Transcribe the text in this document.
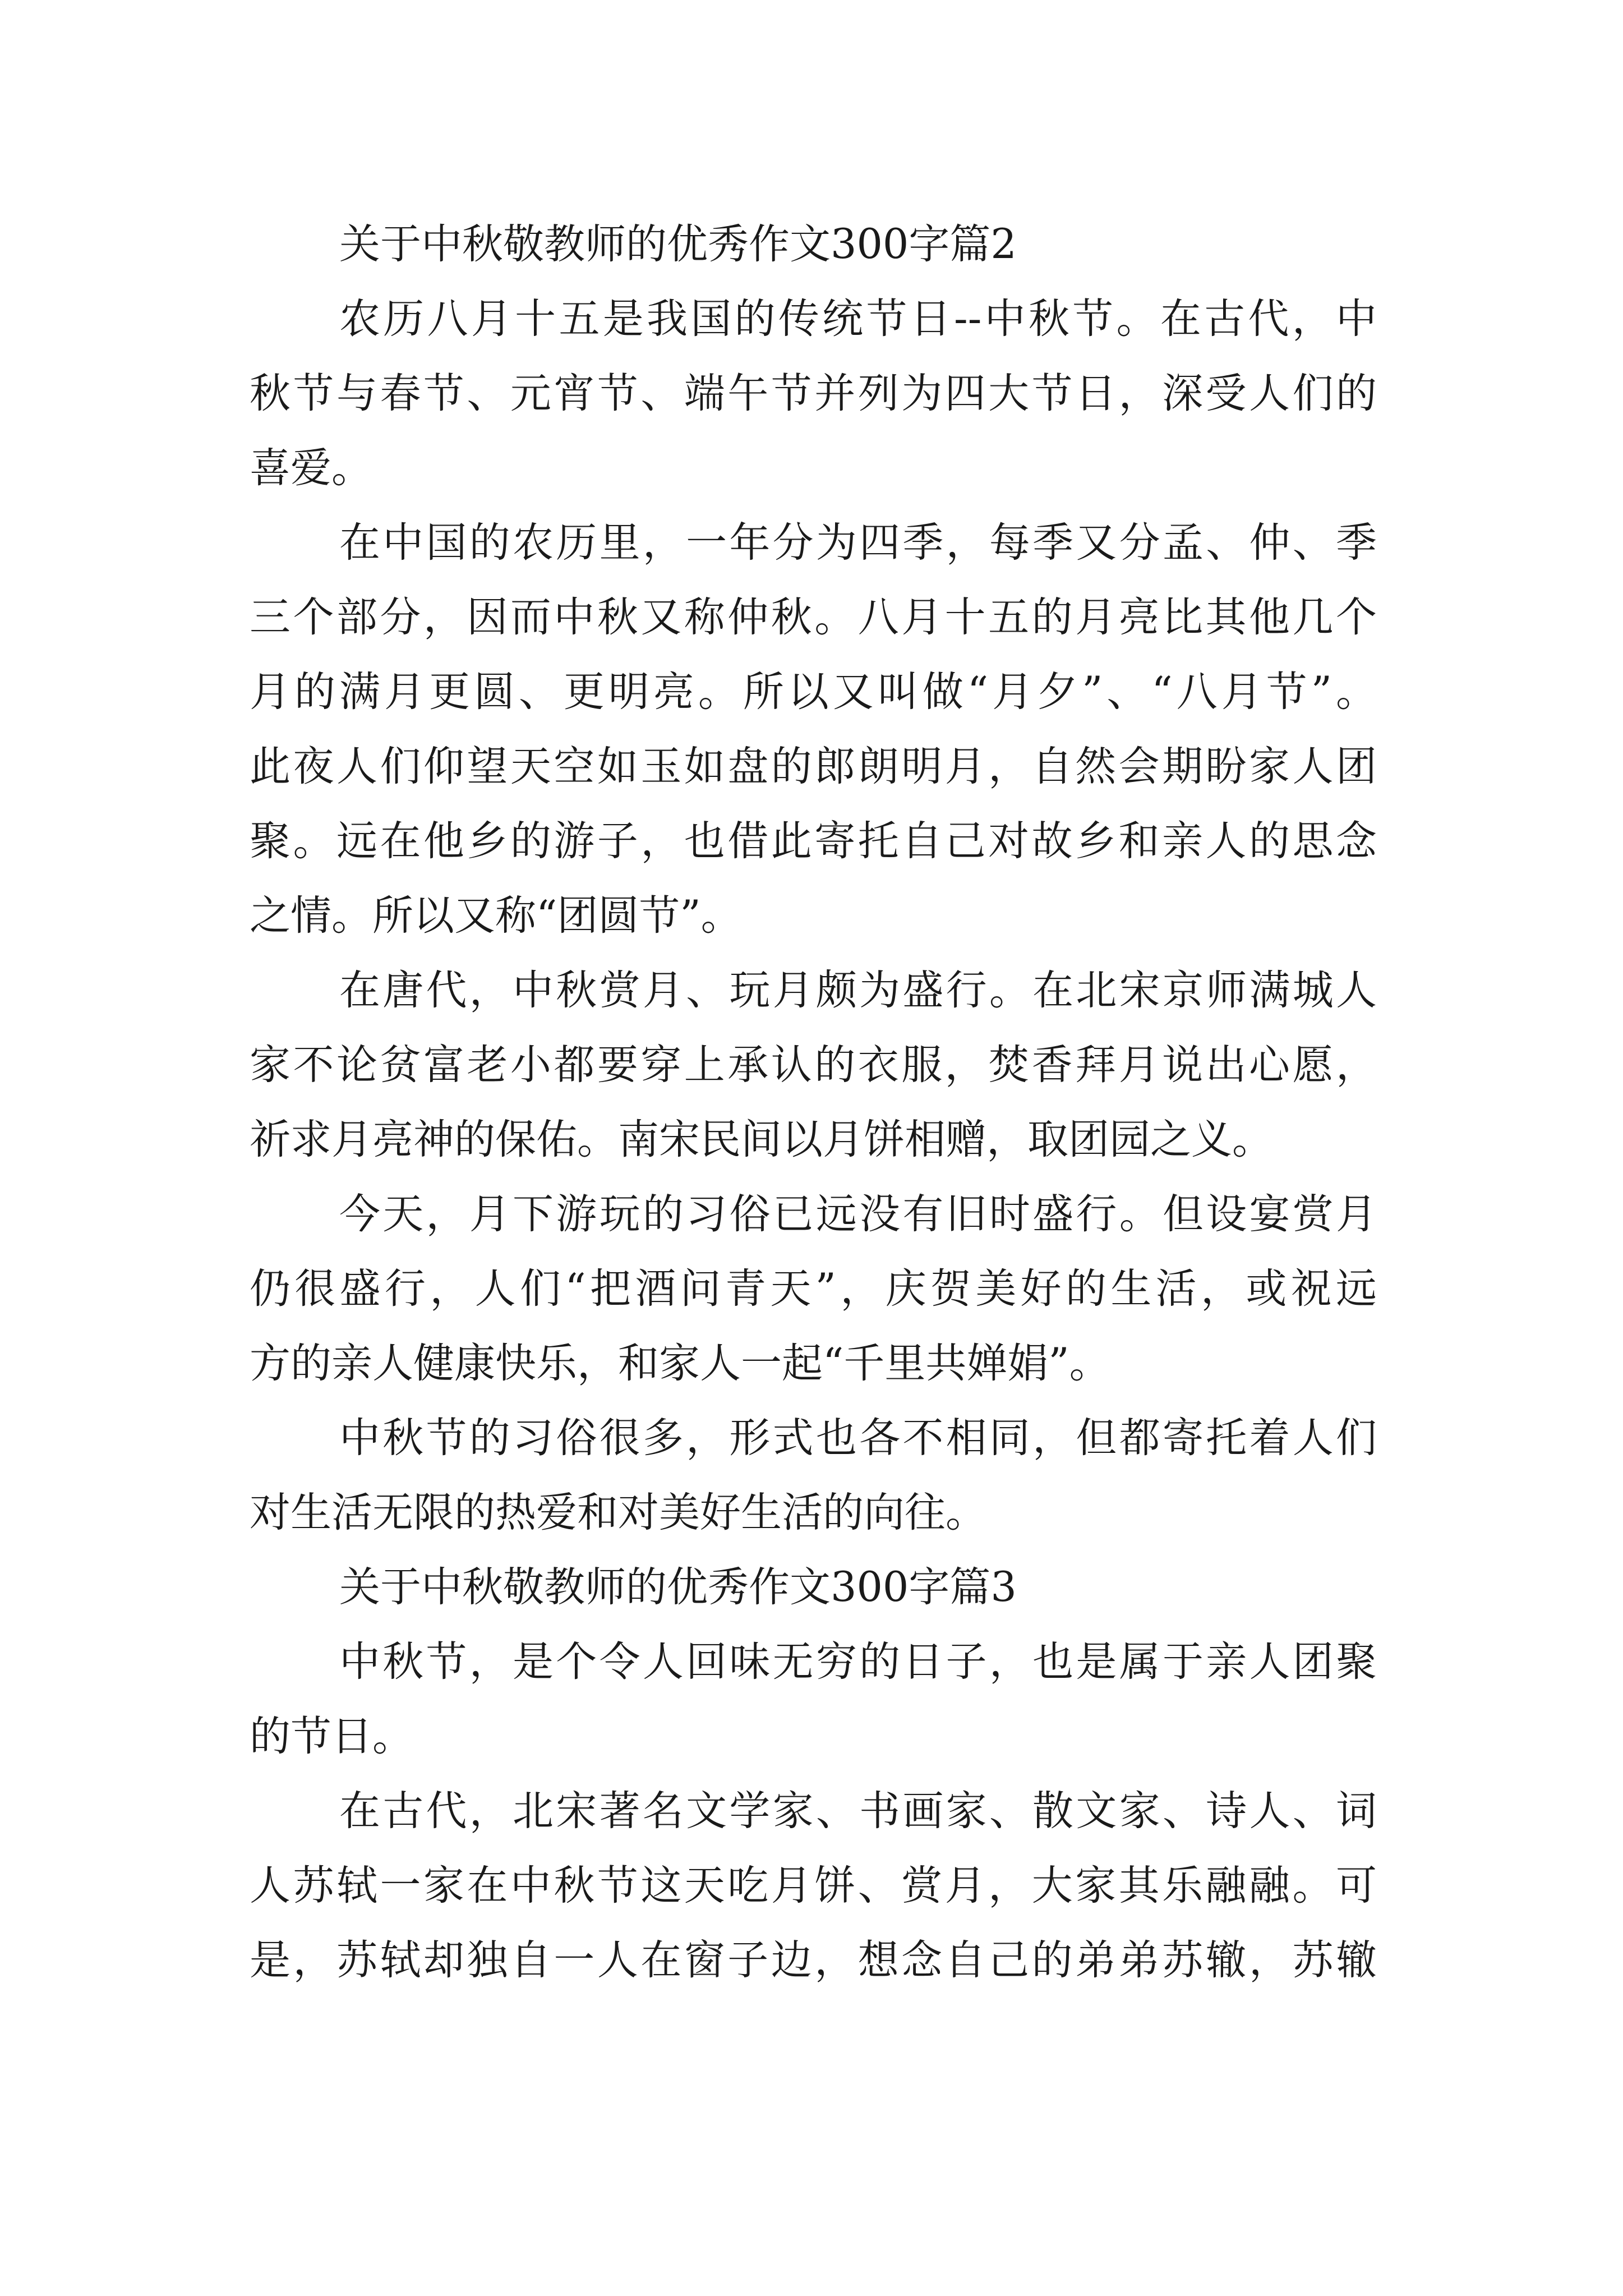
关于中秋敬教师的优秀作文300字篇2
农历八月十五是我国的传统节日--中秋节。在古代，中
秋节与春节、元宵节、端午节并列为四大节日，深受人们的
喜爱。
在中国的农历里，一年分为四季，每季又分孟、仲、季
三个部分，因而中秋又称仲秋。八月十五的月亮比其他几个
月的满月更圆、更明亮。所以又叫做“月夕”、“八月节”。
此夜人们仰望天空如玉如盘的郎朗明月，自然会期盼家人团
聚。远在他乡的游子，也借此寄托自己对故乡和亲人的思念
之情。所以又称“团圆节”。
在唐代，中秋赏月、玩月颇为盛行。在北宋京师满城人
家不论贫富老小都要穿上承认的衣服，焚香拜月说出心愿，
祈求月亮神的保佑。南宋民间以月饼相赠，取团园之义。
今天，月下游玩的习俗已远没有旧时盛行。但设宴赏月
仍很盛行，人们“把酒问青天”，庆贺美好的生活，或祝远
方的亲人健康快乐，和家人一起“千里共婵娟”。
中秋节的习俗很多，形式也各不相同，但都寄托着人们
对生活无限的热爱和对美好生活的向往。
关于中秋敬教师的优秀作文300字篇3
中秋节，是个令人回味无穷的日子，也是属于亲人团聚
的节日。
在古代，北宋著名文学家、书画家、散文家、诗人、词
人苏轼一家在中秋节这天吃月饼、赏月，大家其乐融融。可
是，苏轼却独自一人在窗子边，想念自己的弟弟苏辙，苏辙
